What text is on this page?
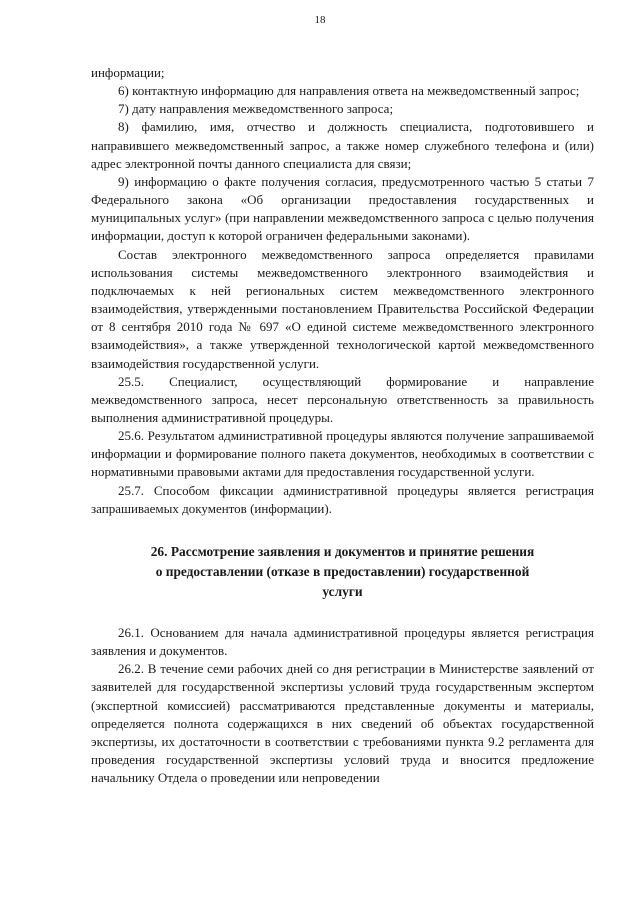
18

информации;

6) контактную информацию для направления ответа на межведомственный запрос;

7) дату направления межведомственного запроса;

8) фамилию, имя, отчество и должность специалиста, подготовившего и направившего межведомственный запрос, а также номер служебного телефона и (или) адрес электронной почты данного специалиста для связи;

9) информацию о факте получения согласия, предусмотренного частью 5 статьи 7 Федерального закона «Об организации предоставления государственных и муниципальных услуг» (при направлении межведомственного запроса с целью получения информации, доступ к которой ограничен федеральными законами).

Состав электронного межведомственного запроса определяется правилами использования системы межведомственного электронного взаимодействия и подключаемых к ней региональных систем межведомственного электронного взаимодействия, утвержденными постановлением Правительства Российской Федерации от 8 сентября 2010 года № 697 «О единой системе межведомственного электронного взаимодействия», а также утвержденной технологической картой межведомственного взаимодействия государственной услуги.

25.5. Специалист, осуществляющий формирование и направление межведомственного запроса, несет персональную ответственность за правильность выполнения административной процедуры.

25.6. Результатом административной процедуры являются получение запрашиваемой информации и формирование полного пакета документов, необходимых в соответствии с нормативными правовыми актами для предоставления государственной услуги.

25.7. Способом фиксации административной процедуры является регистрация запрашиваемых документов (информации).

26. Рассмотрение заявления и документов и принятие решения
о предоставлении (отказе в предоставлении) государственной
услуги

26.1. Основанием для начала административной процедуры является регистрация заявления и документов.

26.2. В течение семи рабочих дней со дня регистрации в Министерстве заявлений от заявителей для государственной экспертизы условий труда государственным экспертом (экспертной комиссией) рассматриваются представленные документы и материалы, определяется полнота содержащихся в них сведений об объектах государственной экспертизы, их достаточности в соответствии с требованиями пункта 9.2 регламента для проведения государственной экспертизы условий труда и вносится предложение начальнику Отдела о проведении или непроведении
